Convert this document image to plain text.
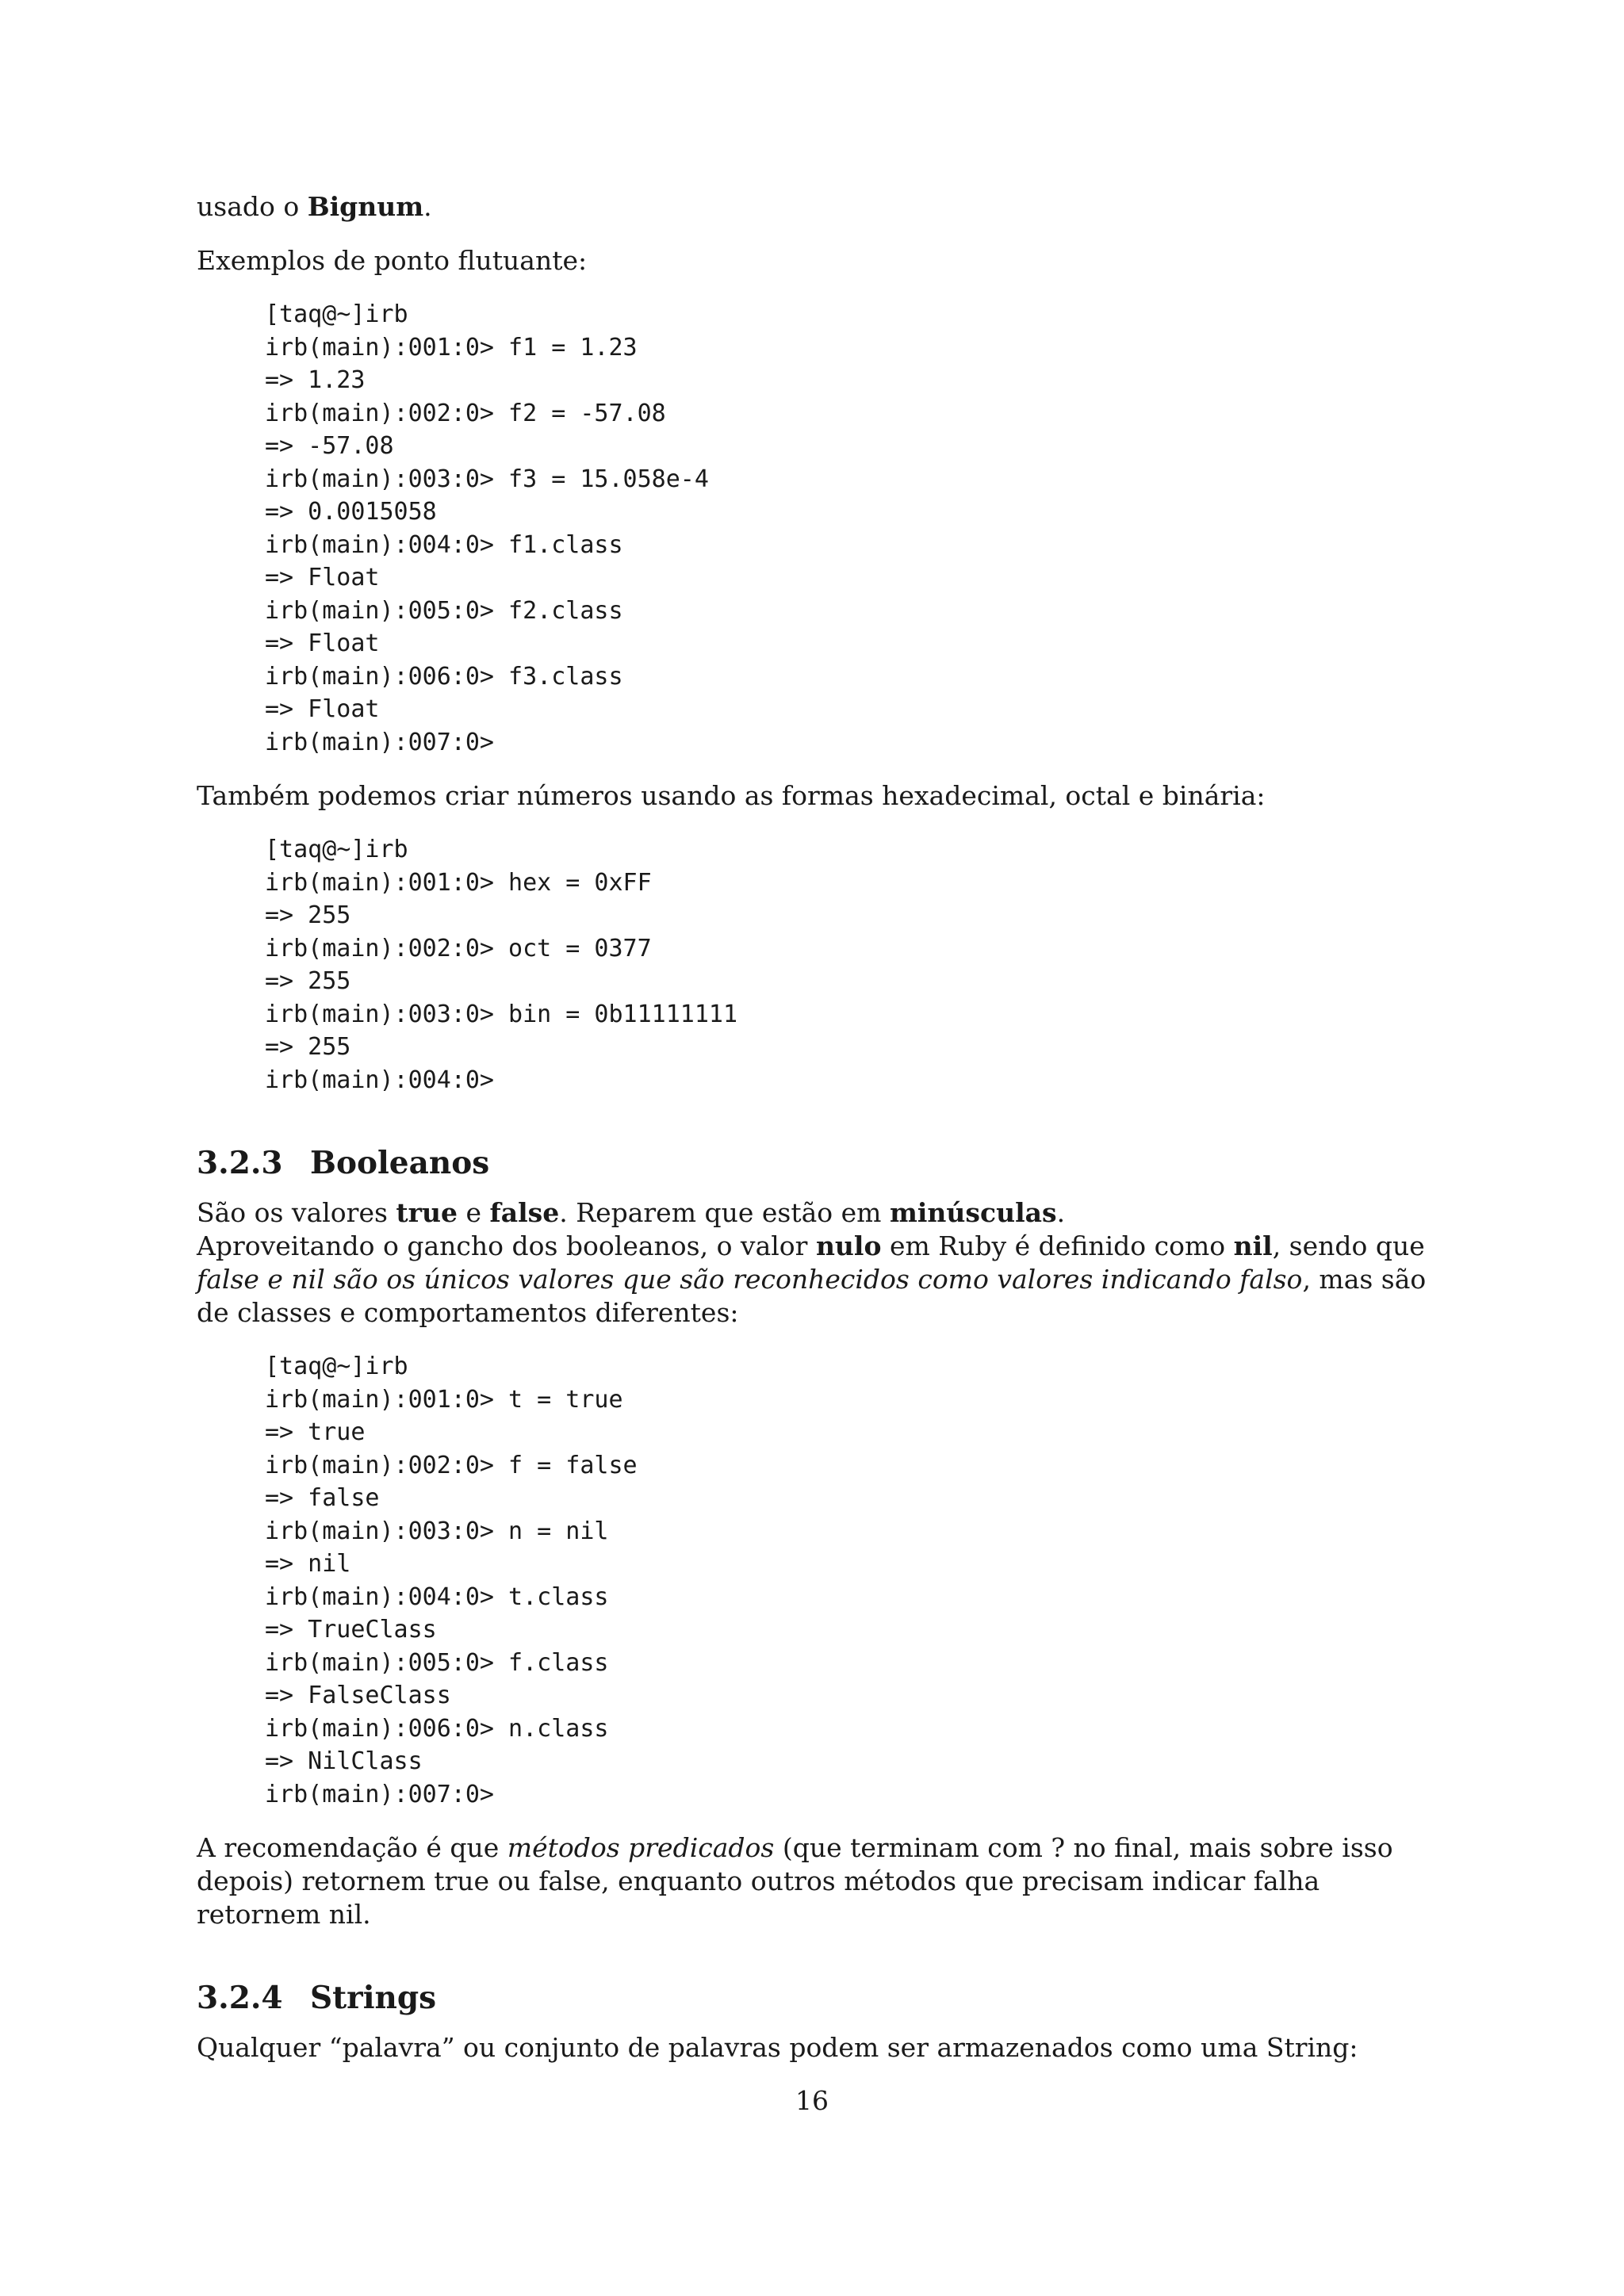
usado o Bignum.

Exemplos de ponto flutuante:

[taq@~]irb
irb(main):001:0> f1 = 1.23
=> 1.23
irb(main):002:0> f2 = -57.08
=> -57.08
irb(main):003:0> f3 = 15.058e-4
=> 0.0015058
irb(main):004:0> f1.class
=> Float
irb(main):005:0> f2.class
=> Float
irb(main):006:0> f3.class
=> Float
irb(main):007:0>

Também podemos criar números usando as formas hexadecimal, octal e binária:

[taq@~]irb
irb(main):001:0> hex = 0xFF
=> 255
irb(main):002:0> oct = 0377
=> 255
irb(main):003:0> bin = 0b11111111
=> 255
irb(main):004:0>
3.2.3 Booleanos

São os valores true e false. Reparem que estão em minúsculas.

Aproveitando o gancho dos booleanos, o valor nulo em Ruby é definido como nil, sendo que false e nil são os únicos valores que são reconhecidos como valores indicando falso, mas são de classes e comportamentos diferentes:

[taq@~]irb
irb(main):001:0> t = true
=> true
irb(main):002:0> f = false
=> false
irb(main):003:0> n = nil
=> nil
irb(main):004:0> t.class
=> TrueClass
irb(main):005:0> f.class
=> FalseClass
irb(main):006:0> n.class
=> NilClass
irb(main):007:0>

A recomendação é que métodos predicados (que terminam com ? no final, mais sobre isso depois) retornem true ou false, enquanto outros métodos que precisam indicar falha retornem nil.

3.2.4 Strings

Qualquer “palavra” ou conjunto de palavras podem ser armazenados como uma String:

16
